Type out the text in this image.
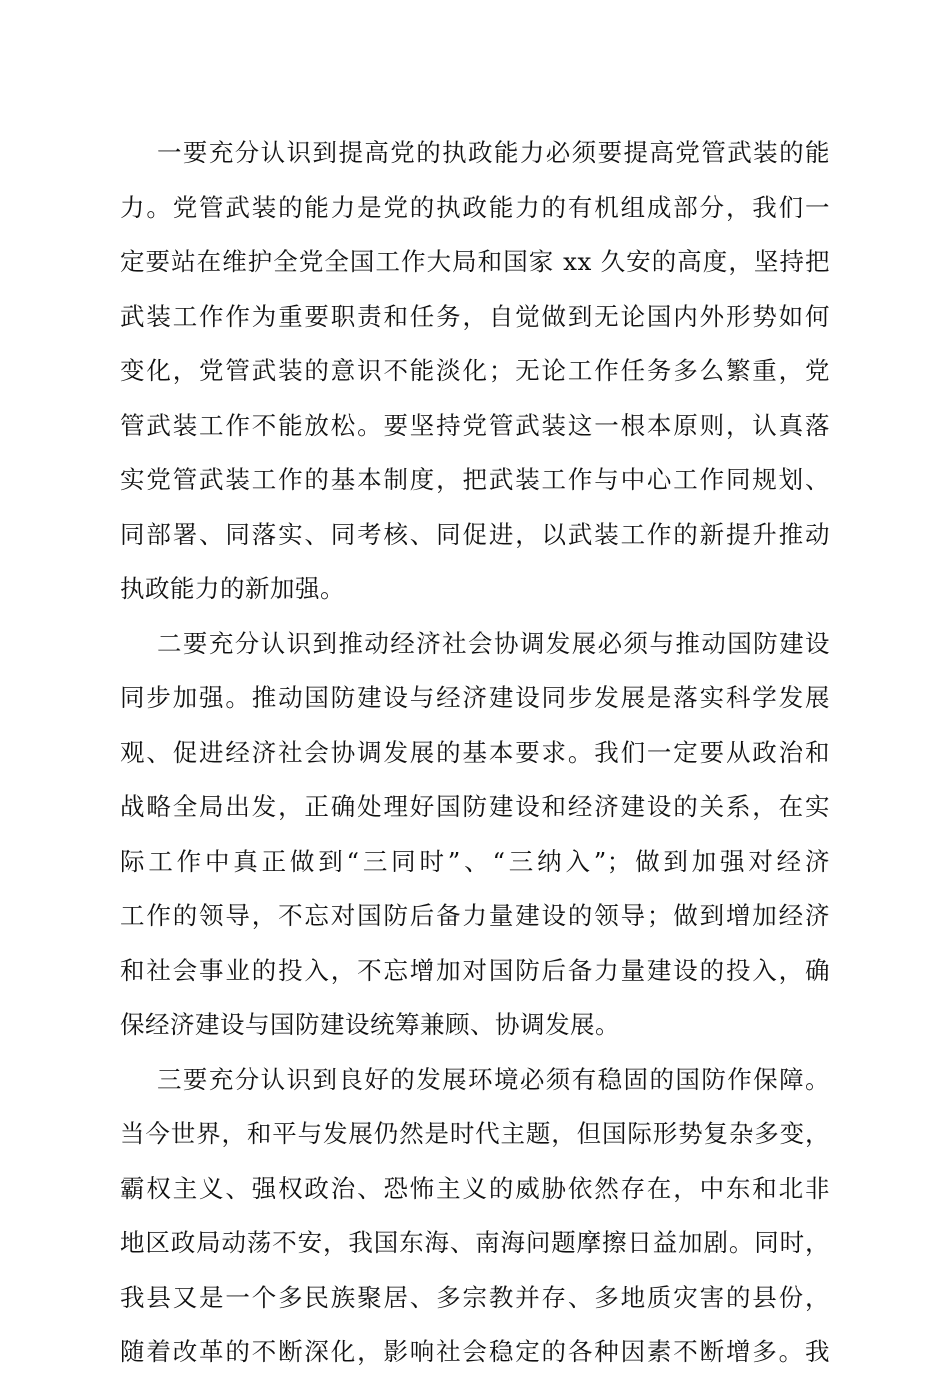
一要充分认识到提高党的执政能力必须要提高党管武装的能
力。党管武装的能力是党的执政能力的有机组成部分，我们一
定要站在维护全党全国工作大局和国家 xx 久安的高度，坚持把
武装工作作为重要职责和任务，自觉做到无论国内外形势如何
变化，党管武装的意识不能淡化；无论工作任务多么繁重，党
管武装工作不能放松。要坚持党管武装这一根本原则，认真落
实党管武装工作的基本制度，把武装工作与中心工作同规划、
同部署、同落实、同考核、同促进，以武装工作的新提升推动
执政能力的新加强。
二要充分认识到推动经济社会协调发展必须与推动国防建设
同步加强。推动国防建设与经济建设同步发展是落实科学发展
观、促进经济社会协调发展的基本要求。我们一定要从政治和
战略全局出发，正确处理好国防建设和经济建设的关系，在实
际工作中真正做到“三同时”、“三纳入”；做到加强对经济
工作的领导，不忘对国防后备力量建设的领导；做到增加经济
和社会事业的投入，不忘增加对国防后备力量建设的投入，确
保经济建设与国防建设统筹兼顾、协调发展。
三要充分认识到良好的发展环境必须有稳固的国防作保障。
当今世界，和平与发展仍然是时代主题，但国际形势复杂多变，
霸权主义、强权政治、恐怖主义的威胁依然存在，中东和北非
地区政局动荡不安，我国东海、南海问题摩擦日益加剧。同时，
我县又是一个多民族聚居、多宗教并存、多地质灾害的县份，
随着改革的不断深化，影响社会稳定的各种因素不断增多。我
